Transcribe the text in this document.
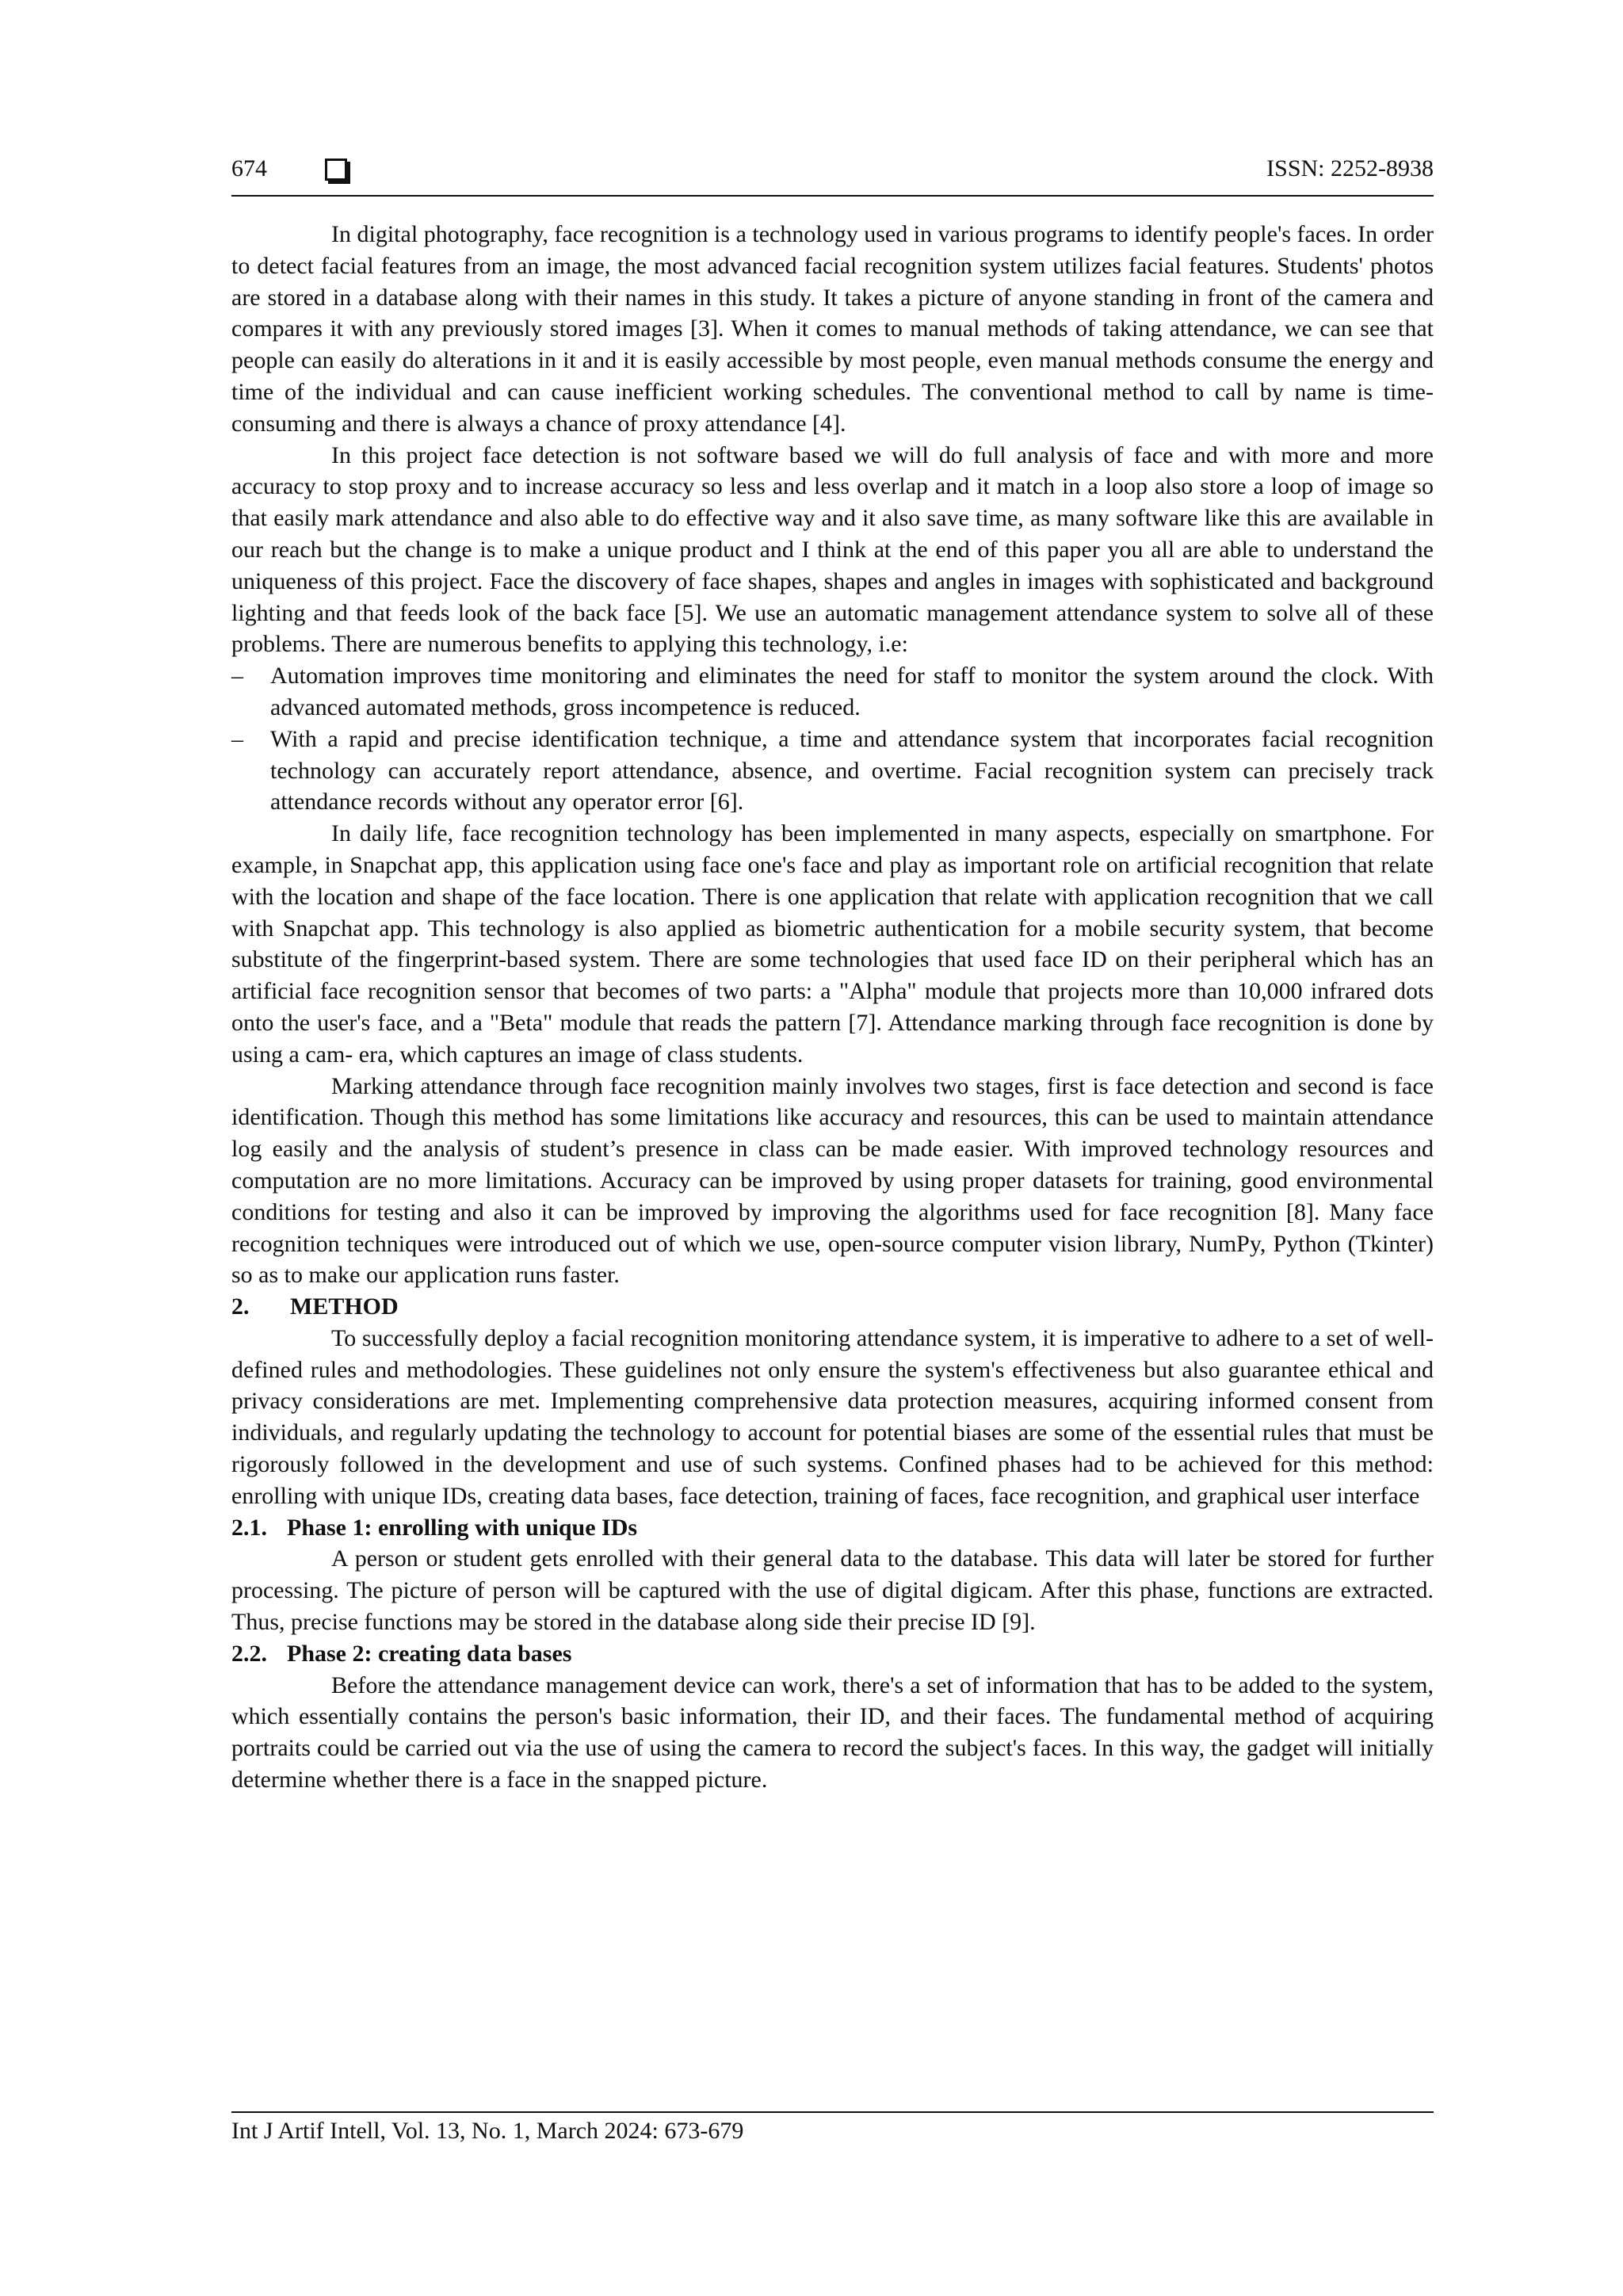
674	ISSN: 2252-8938

In digital photography, face recognition is a technology used in various programs to identify people's faces. In order to detect facial features from an image, the most advanced facial recognition system utilizes facial features. Students' photos are stored in a database along with their names in this study. It takes a picture of anyone standing in front of the camera and compares it with any previously stored images [3]. When it comes to manual methods of taking attendance, we can see that people can easily do alterations in it and it is easily accessible by most people, even manual methods consume the energy and time of the individual and can cause inefficient working schedules. The conventional method to call by name is time-consuming and there is always a chance of proxy attendance [4].

In this project face detection is not software based we will do full analysis of face and with more and more accuracy to stop proxy and to increase accuracy so less and less overlap and it match in a loop also store a loop of image so that easily mark attendance and also able to do effective way and it also save time, as many software like this are available in our reach but the change is to make a unique product and I think at the end of this paper you all are able to understand the uniqueness of this project. Face the discovery of face shapes, shapes and angles in images with sophisticated and background lighting and that feeds look of the back face [5]. We use an automatic management attendance system to solve all of these problems. There are numerous benefits to applying this technology, i.e:

– Automation improves time monitoring and eliminates the need for staff to monitor the system around the clock. With advanced automated methods, gross incompetence is reduced.
– With a rapid and precise identification technique, a time and attendance system that incorporates facial recognition technology can accurately report attendance, absence, and overtime. Facial recognition system can precisely track attendance records without any operator error [6].

In daily life, face recognition technology has been implemented in many aspects, especially on smartphone. For example, in Snapchat app, this application using face one's face and play as important role on artificial recognition that relate with the location and shape of the face location. There is one application that relate with application recognition that we call with Snapchat app. This technology is also applied as biometric authentication for a mobile security system, that become substitute of the fingerprint-based system. There are some technologies that used face ID on their peripheral which has an artificial face recognition sensor that becomes of two parts: a "Alpha" module that projects more than 10,000 infrared dots onto the user's face, and a "Beta" module that reads the pattern [7]. Attendance marking through face recognition is done by using a cam- era, which captures an image of class students.

Marking attendance through face recognition mainly involves two stages, first is face detection and second is face identification. Though this method has some limitations like accuracy and resources, this can be used to maintain attendance log easily and the analysis of student’s presence in class can be made easier. With improved technology resources and computation are no more limitations. Accuracy can be improved by using proper datasets for training, good environmental conditions for testing and also it can be improved by improving the algorithms used for face recognition [8]. Many face recognition techniques were introduced out of which we use, open-source computer vision library, NumPy, Python (Tkinter) so as to make our application runs faster.

2. METHOD

To successfully deploy a facial recognition monitoring attendance system, it is imperative to adhere to a set of well-defined rules and methodologies. These guidelines not only ensure the system's effectiveness but also guarantee ethical and privacy considerations are met. Implementing comprehensive data protection measures, acquiring informed consent from individuals, and regularly updating the technology to account for potential biases are some of the essential rules that must be rigorously followed in the development and use of such systems. Confined phases had to be achieved for this method: enrolling with unique IDs, creating data bases, face detection, training of faces, face recognition, and graphical user interface

2.1. Phase 1: enrolling with unique IDs

A person or student gets enrolled with their general data to the database. This data will later be stored for further processing. The picture of person will be captured with the use of digital digicam. After this phase, functions are extracted. Thus, precise functions may be stored in the database along side their precise ID [9].

2.2. Phase 2: creating data bases

Before the attendance management device can work, there's a set of information that has to be added to the system, which essentially contains the person's basic information, their ID, and their faces. The fundamental method of acquiring portraits could be carried out via the use of using the camera to record the subject's faces. In this way, the gadget will initially determine whether there is a face in the snapped picture.

Int J Artif Intell, Vol. 13, No. 1, March 2024: 673-679
